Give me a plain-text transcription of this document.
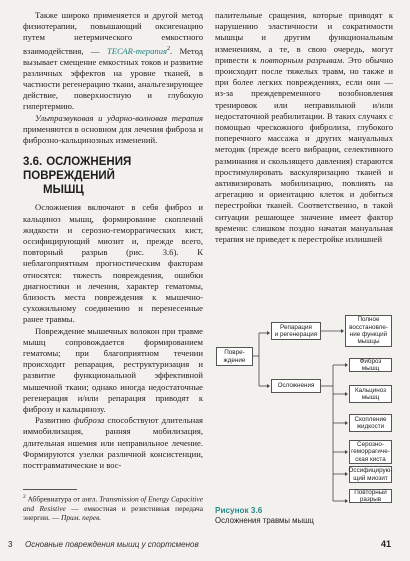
Также широко применяется и другой метод физиотерапии, повышающий оксигенацию путем нетермического емкостного взаимодействия, — ТЕСАR-терапия$^2$. Метод вызывает смещение емкостных токов и развитие различных эффектов на уровне тканей, в частности регенерацию ткани, анальгезирующее действие, поверхностную и глубокую гипертермию.

Ультразвуковая и ударно-волновая терапия применяются в основном для лечения фиброза и фиброзно-кальцинозных изменений.

3.6. ОСЛОЖНЕНИЯ ПОВРЕЖДЕНИЙ
МЫШЦ

Осложнения включают в себя фиброз и кальциноз мышц, формирование скоплений жидкости и серозно-геморрагических кист, оссифицирующий миозит и, прежде всего, повторный разрыв (рис. 3.6). К неблагоприятным прогностическим факторам относятся: тяжесть повреждения, ошибки диагностики и лечения, характер гематомы, близость места повреждения к мышечно-сухожильному соединению и перенесенные ранее травмы.

Повреждение мышечных волокон при травме мышц сопровождается формированием гематомы; при благоприятном течении происходит репарация, реструктуризация и развитие функциональной эффективной мышечной ткани; однако иногда недостаточные регенерация и/или репарация приводят к фиброзу и кальцинозу.

Развитию фиброза способствуют длительная иммобилизация, ранняя мобилизация, длительная ишемия или неправильное лечение. Формируются узелки различной консистенции, постгравматические и вос-

$^2$ Аббревиатура от англ. Transmission of Energy Capacitive and Resistive — емкостная и резистивная передача энергии. — Прим. перев.

палительные сращения, которые приводят к нарушению эластичности и сократимости мышцы и другим функциональным изменениям, а те, в свою очередь, могут привести к повторным разрывам. Это обычно происходит после тяжелых травм, но также и при более легких повреждениях, если они — из-за преждевременного возобновления тренировок или неправильной и/или недостаточной реабилитации. В таких случаях с помощью чрескожного фибролиза, глубокого поперечного массажа и других мануальных методик (прежде всего вибрации, селективного разминания и скользящего давления) стараются простимулировать васкуляризацию тканей и активизировать мобилизацию, повлиять на агрегацию и ориентацию клеток и добиться перестройки тканей. Соответственно, в такой ситуации решающее значение имеет фактор времени: слишком поздно начатая мануальная терапия не приведет к перестройке излишней

Повре-
ждение
Репарация
и регенерация
Осложнения
Полное
восстановле-
ние функций
мышцы
Фиброз мышц
Кальциноз
мышц
Скопление
жидкости
Серозно-
геморрагиче-
ская киста
Оссифицирую-
щий миозит
Повторный
разрыв
Рисунок 3.6
Осложнения травмы мышц
3 Основные повреждения мышц у спортсменов	41
